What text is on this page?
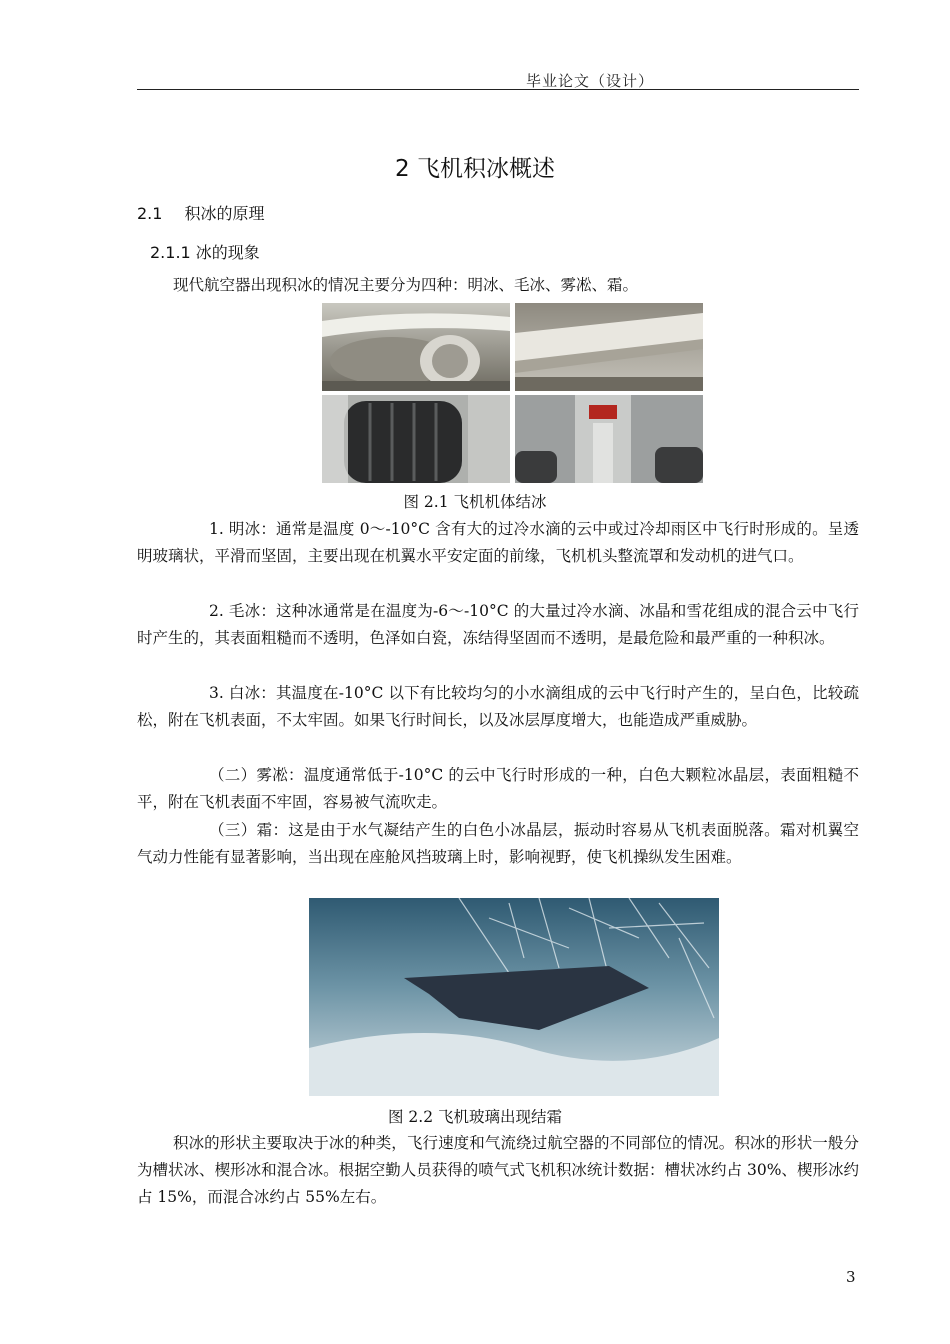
毕业论文（设计）
2 飞机积冰概述
2.1 积冰的原理
2.1.1 冰的现象

现代航空器出现积冰的情况主要分为四种：明冰、毛冰、雾凇、霜。

图 2.1 飞机机体结冰

1. 明冰：通常是温度 0～-10°C 含有大的过冷水滴的云中或过冷却雨区中飞行时形成的。呈透明玻璃状，平滑而坚固，主要出现在机翼水平安定面的前缘，飞机机头整流罩和发动机的进气口。

2. 毛冰：这种冰通常是在温度为-6～-10°C 的大量过冷水滴、冰晶和雪花组成的混合云中飞行时产生的，其表面粗糙而不透明，色泽如白瓷，冻结得坚固而不透明，是最危险和最严重的一种积冰。

3. 白冰：其温度在-10°C 以下有比较均匀的小水滴组成的云中飞行时产生的，呈白色，比较疏松，附在飞机表面，不太牢固。如果飞行时间长，以及冰层厚度增大，也能造成严重威胁。

（二）雾凇：温度通常低于-10°C 的云中飞行时形成的一种，白色大颗粒冰晶层，表面粗糙不平，附在飞机表面不牢固，容易被气流吹走。

（三）霜：这是由于水气凝结产生的白色小冰晶层，振动时容易从飞机表面脱落。霜对机翼空气动力性能有显著影响，当出现在座舱风挡玻璃上时，影响视野，使飞机操纵发生困难。

图 2.2 飞机玻璃出现结霜

积冰的形状主要取决于冰的种类，飞行速度和气流绕过航空器的不同部位的情况。积冰的形状一般分为槽状冰、楔形冰和混合冰。根据空勤人员获得的喷气式飞机积冰统计数据：槽状冰约占 30%、楔形冰约占 15%，而混合冰约占 55%左右。

3
